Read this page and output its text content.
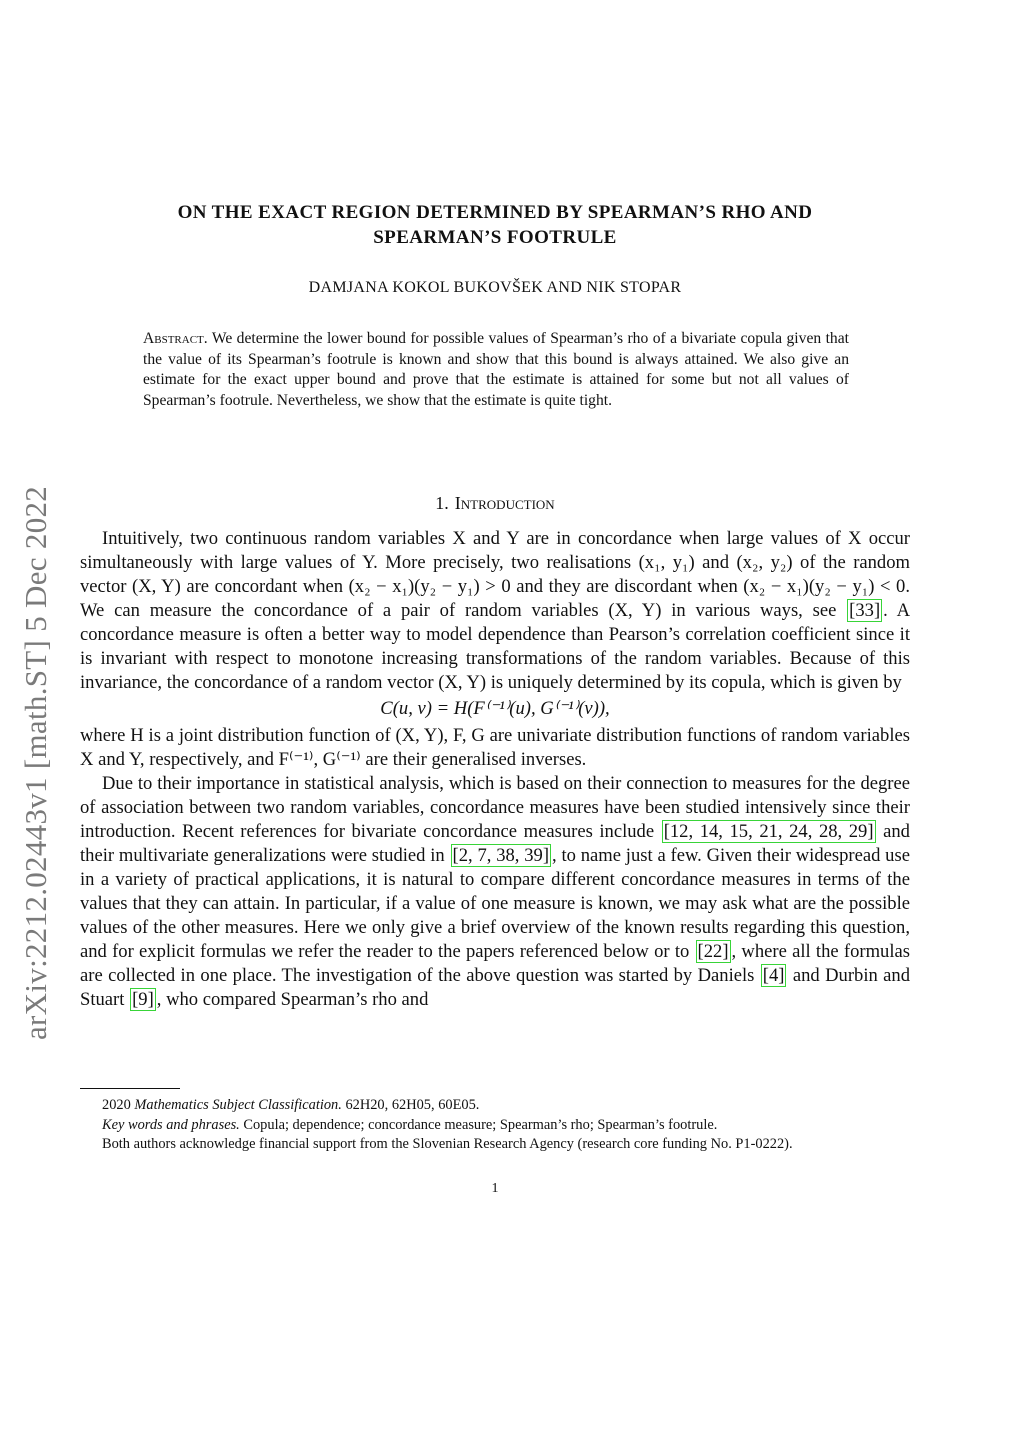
arXiv:2212.02443v1 [math.ST] 5 Dec 2022
ON THE EXACT REGION DETERMINED BY SPEARMAN’S RHO AND
SPEARMAN’S FOOTRULE
DAMJANA KOKOL BUKOVŠEK AND NIK STOPAR
Abstract. We determine the lower bound for possible values of Spearman’s rho of a bivariate copula given that the value of its Spearman’s footrule is known and show that this bound is always attained. We also give an estimate for the exact upper bound and prove that the estimate is attained for some but not all values of Spearman’s footrule. Nevertheless, we show that the estimate is quite tight.
1. Introduction

Intuitively, two continuous random variables X and Y are in concordance when large values of X occur simultaneously with large values of Y. More precisely, two realisations (x₁, y₁) and (x₂, y₂) of the random vector (X, Y) are concordant when (x₂ − x₁)(y₂ − y₁) > 0 and they are discordant when (x₂ − x₁)(y₂ − y₁) < 0. We can measure the concordance of a pair of random variables (X, Y) in various ways, see [33] . A concordance measure is often a better way to model dependence than Pearson’s correlation coefficient since it is invariant with respect to monotone increasing transformations of the random variables. Because of this invariance, the concordance of a random vector (X, Y) is uniquely determined by its copula, which is given by

C(u, v) = H(F⁽⁻¹⁾(u), G⁽⁻¹⁾(v)),

where H is a joint distribution function of (X, Y), F, G are univariate distribution functions of random variables X and Y, respectively, and F⁽⁻¹⁾, G⁽⁻¹⁾ are their generalised inverses.

Due to their importance in statistical analysis, which is based on their connection to measures for the degree of association between two random variables, concordance measures have been studied intensively since their introduction. Recent references for bivariate concordance measures include [12, 14, 15, 21, 24, 28, 29] and their multivariate generalizations were studied in [2, 7, 38, 39] , to name just a few. Given their widespread use in a variety of practical applications, it is natural to compare different concordance measures in terms of the values that they can attain. In particular, if a value of one measure is known, we may ask what are the possible values of the other measures. Here we only give a brief overview of the known results regarding this question, and for explicit formulas we refer the reader to the papers referenced below or to [22] , where all the formulas are collected in one place. The investigation of the above question was started by Daniels [4] and Durbin and Stuart [9] , who compared Spearman’s rho and

2020 Mathematics Subject Classification. 62H20, 62H05, 60E05.

Key words and phrases. Copula; dependence; concordance measure; Spearman’s rho; Spearman’s footrule.

Both authors acknowledge financial support from the Slovenian Research Agency (research core funding No. P1-0222).

1
